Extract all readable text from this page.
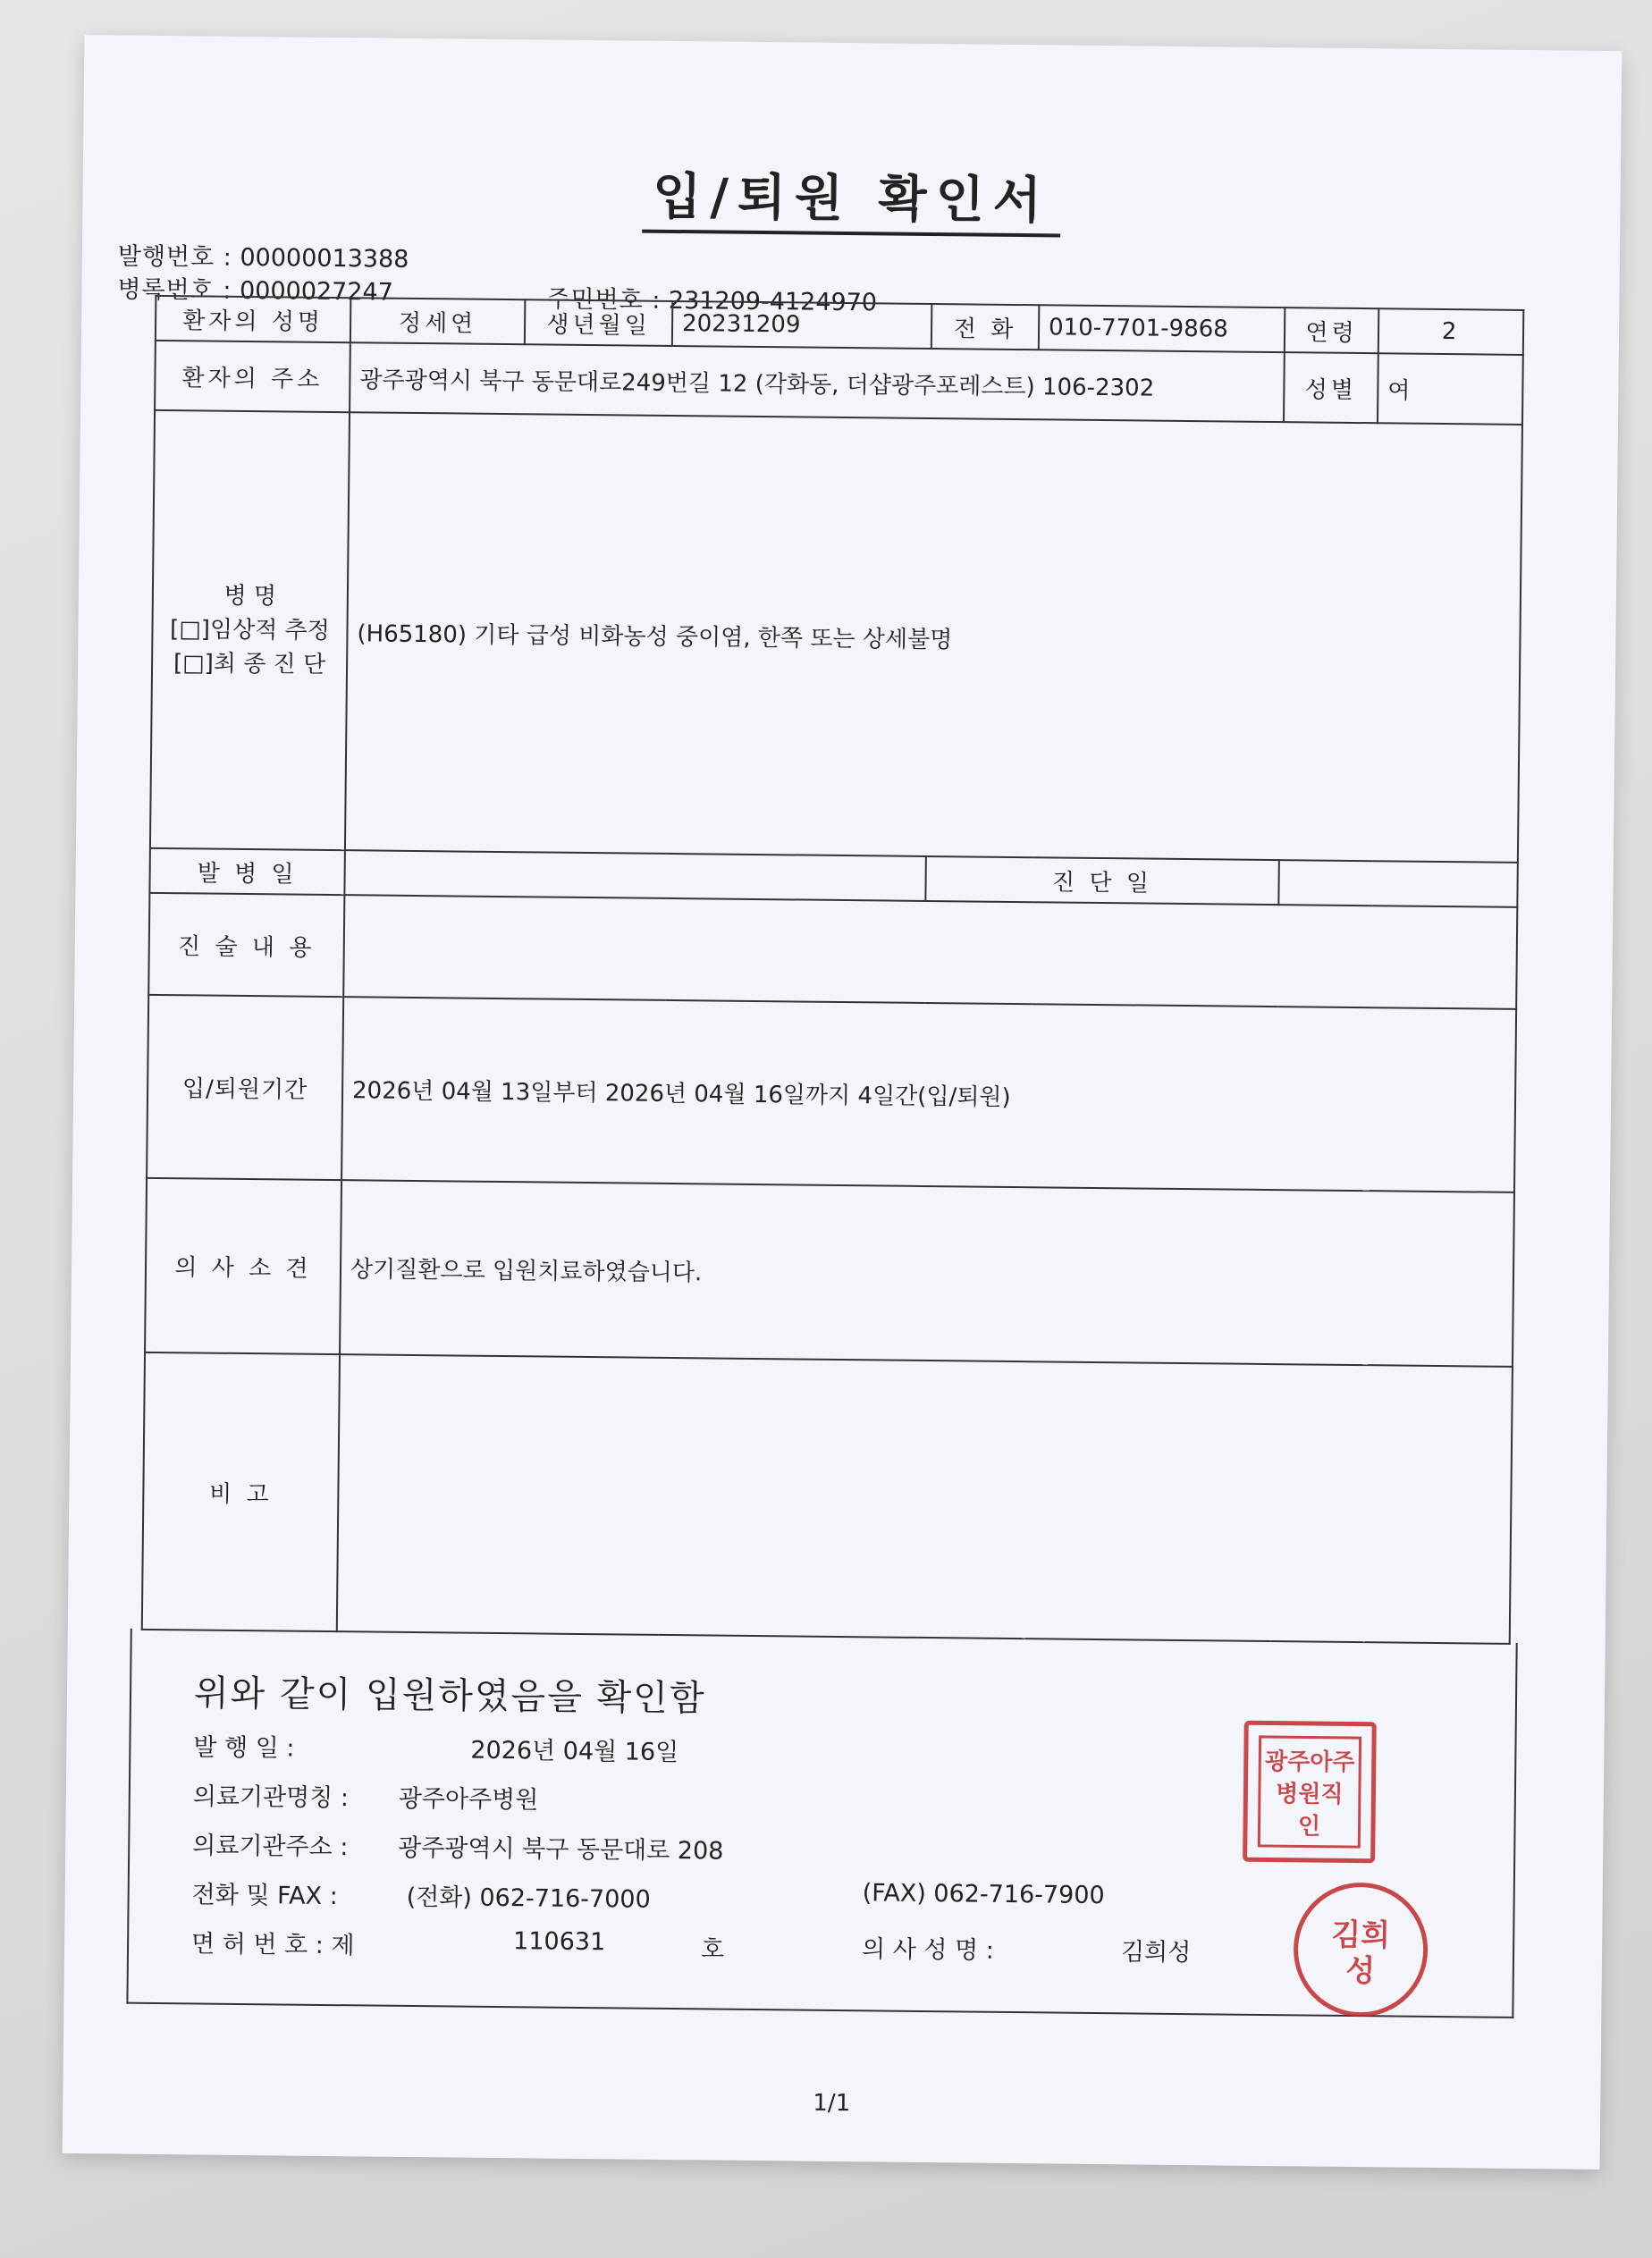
입/퇴원 확인서
발행번호 : 00000013388
병록번호 : 0000027247	주민번호 : 231209-4124970
환자의 성명	정세연	생년월일	20231209	전 화	010-7701-9868	연령	2
환자의 주소	광주광역시 북구 동문대로249번길 12 (각화동, 더샵광주포레스트) 106-2302					성별	여

병 명
[□]임상적 추정
[□]최 종 진 단	(H65180) 기타 급성 비화농성 중이염, 한쪽 또는 상세불명						
발 병 일				진 단 일			
진 술 내 용							
입/퇴원기간	2026년 04월 13일부터 2026년 04월 16일까지 4일간(입/퇴원)						
의 사 소 견	상기질환으로 입원치료하였습니다.						
비 고							
위와 같이 입원하였음을 확인함
발 행 일 :	2026년 04월 16일
의료기관명칭 : 광주아주병원
의료기관주소 : 광주광역시 북구 동문대로 208
전화 및 FAX :	(전화) 062-716-7000	(FAX) 062-716-7900
면 허 번 호 : 제	110631	호	의 사 성 명 :	김희성
광주아주
병원직
인
김희
성
1/1
